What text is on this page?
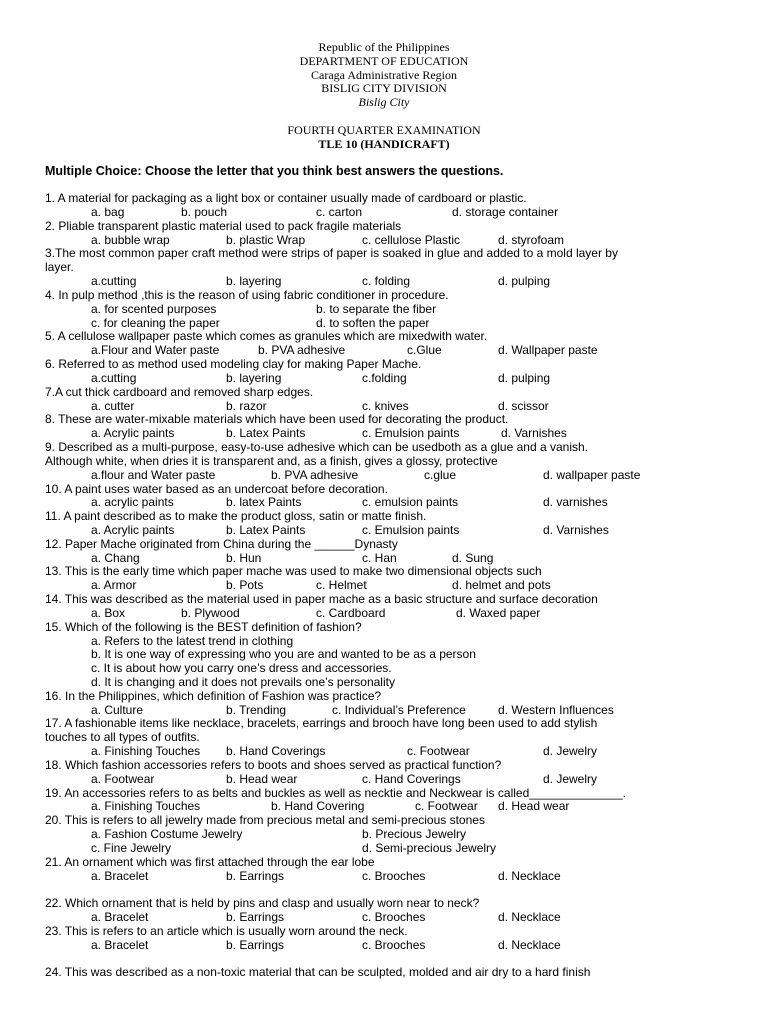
Republic of the Philippines
DEPARTMENT OF EDUCATION
Caraga Administrative Region
BISLIG CITY DIVISION
Bislig City
FOURTH QUARTER EXAMINATION
TLE 10 (HANDICRAFT)
Multiple Choice: Choose the letter that you think best answers the questions.
1. A material for packaging as a light box or container usually made of cardboard or plastic.
2. Pliable transparent plastic material used to pack fragile materials
3.The most common paper craft method were strips of paper is soaked in glue and added to a mold layer by
layer.
4. In pulp method ,this is the reason of using fabric conditioner in procedure.
5. A cellulose wallpaper paste which comes as granules which are mixedwith water.
6. Referred to as method used modeling clay for making Paper Mache.
7.A cut thick cardboard and removed sharp edges.
8. These are water-mixable materials which have been used for decorating the product.
9. Described as a multi-purpose, easy-to-use adhesive which can be usedboth as a glue and a vanish.
Although white, when dries it is transparent and, as a finish, gives a glossy, protective
10. A paint uses water based as an undercoat before decoration.
11. A paint described as to make the product gloss, satin or matte finish.
12. Paper Mache originated from China during the ______Dynasty
13. This is the early time which paper mache was used to make two dimensional objects such
14. This was described as the material used in paper mache as a basic structure and surface decoration
15. Which of the following is the BEST definition of fashion?
16. In the Philippines, which definition of Fashion was practice?
17. A fashionable items like necklace, bracelets, earrings and brooch have long been used to add stylish
touches to all types of outfits.
18. Which fashion accessories refers to boots and shoes served as practical function?
19. An accessories refers to as belts and buckles as well as necktie and Neckwear is called______________.
20. This is refers to all jewelry made from precious metal and semi-precious stones
21. An ornament which was first attached through the ear lobe
22. Which ornament that is held by pins and clasp and usually worn near to neck?
23. This is refers to an article which is usually worn around the neck.
24. This was described as a non-toxic material that can be sculpted, molded and air dry to a hard finish
a. bag	b. pouch	c. carton	d. storage container
a. bubble wrap	b. plastic Wrap	c. cellulose Plastic	d. styrofoam
a.cutting	b. layering	c. folding	d. pulping
a. for scented purposes	b. to separate the fiber
c. for cleaning the paper	d. to soften the paper
a.Flour and Water paste	b. PVA adhesive	c.Glue	d. Wallpaper paste
a.cutting	b. layering	c.folding	d. pulping
a. cutter	b. razor	c. knives	d. scissor
a. Acrylic paints	b. Latex Paints	c. Emulsion paints	d. Varnishes
a.flour and Water paste	b. PVA adhesive	c.glue	d. wallpaper paste
a. acrylic paints	b. latex Paints	c. emulsion paints	d. varnishes
a. Acrylic paints	b. Latex Paints	c. Emulsion paints	d. Varnishes
a. Chang	b. Hun	c. Han	d. Sung
a. Armor	b. Pots	c. Helmet	d. helmet and pots
a. Box	b. Plywood	c. Cardboard	d. Waxed paper
a. Refers to the latest trend in clothing
b. It is one way of expressing who you are and wanted to be as a person
c. It is about how you carry one’s dress and accessories.
d. It is changing and it does not prevails one’s personality
a. Culture	b. Trending	c. Individual’s Preference	d. Western Influences
a. Finishing Touches b. Hand Coverings	c. Footwear	d. Jewelry
a. Footwear	b. Head wear	c. Hand Coverings	d. Jewelry
a. Finishing Touches	b. Hand Covering	c. Footwear d. Head wear
a. Fashion Costume Jewelry	b. Precious Jewelry
c. Fine Jewelry	d. Semi-precious Jewelry
a. Bracelet	b. Earrings	c. Brooches	d. Necklace
a. Bracelet	b. Earrings	c. Brooches	d. Necklace
a. Bracelet	b. Earrings	c. Brooches	d. Necklace
